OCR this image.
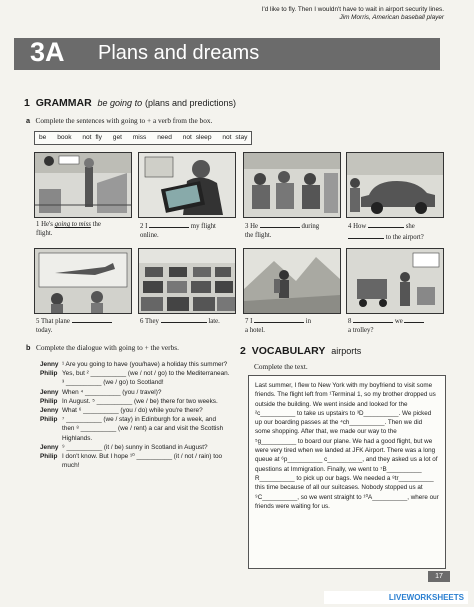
I'd like to fly. Then I wouldn't have to wait in airport security lines.
Jim Morris, American baseball player
3A Plans and dreams
1 GRAMMAR be going to (plans and predictions)
a Complete the sentences with going to + a verb from the box.
be book not fly get miss need not sleep not stay
1 He's going to miss the
flight.
2 I	my flight
online.
3 He	during
the flight.
4 How	she
to the airport?
5 That plane
today.
6 They	late.	7 I	in
a hotel.
8	we
a trolley?
b Complete the dialogue with going to + the verbs.
Jenny ¹ Are you going to have (you/have) a holiday this summer?
Philip Yes, but ² __________ (we / not / go) to the Mediterranean. ³ __________ (we / go) to Scotland!
Jenny When ⁴ __________ (you / travel)?
Philip In August. ⁵ __________ (we / be) there for two weeks.
Jenny What ⁶ __________ (you / do) while you're there?
Philip ⁷ __________ (we / stay) in Edinburgh for a week, and then ⁸ __________ (we / rent) a car and visit the Scottish Highlands.
Jenny ⁹ __________ (it / be) sunny in Scotland in August?
Philip I don't know. But I hope ¹⁰ __________ (it / not / rain) too much!
2 VOCABULARY airports
Complete the text.
Last summer, I flew to New York with my boyfriend to visit some friends. The flight left from ¹Terminal 1, so my brother dropped us outside the building. We went inside and looked for the ²c__________ to take us upstairs to ³D__________. We picked up our boarding passes at the ⁴ch__________. Then we did some shopping. After that, we made our way to the ⁵g__________ to board our plane. We had a good flight, but we were very tired when we landed at JFK Airport. There was a long queue at ⁶p__________ c__________, and they asked us a lot of questions at Immigration. Finally, we went to ⁷B__________ R__________ to pick up our bags. We needed a ⁸tr__________ this time because of all our suitcases. Nobody stopped us at ⁹C__________, so we went straight to ¹⁰A__________, where our friends were waiting for us.
17
LIVEWORKSHEETS
